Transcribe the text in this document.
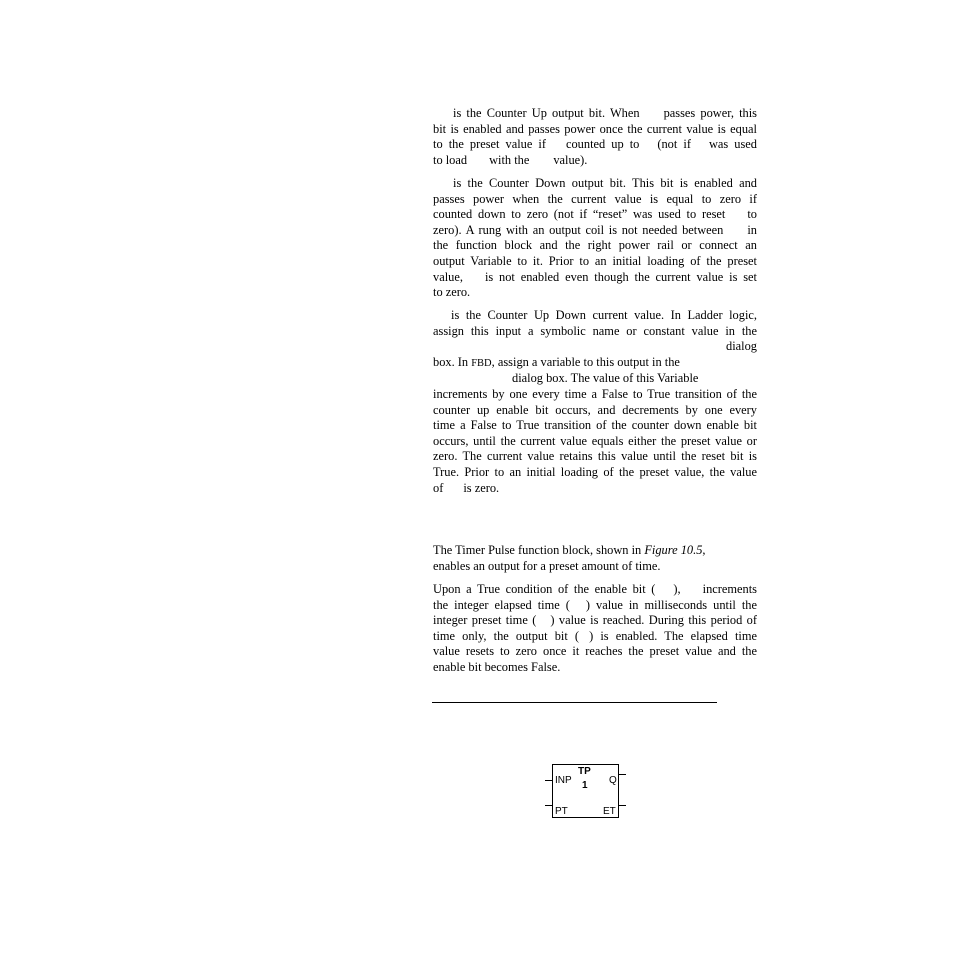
is the Counter Up output bit. When passes power, this
bit is enabled and passes power once the current value is equal
to the preset value if counted up to (not if was used
to load with the value).
is the Counter Down output bit. This bit is enabled and
passes power when the current value is equal to zero if
counted down to zero (not if “reset” was used to reset to
zero). A rung with an output coil is not needed between in
the function block and the right power rail or connect an
output Variable to it. Prior to an initial loading of the preset
value, is not enabled even though the current value is set
to zero.
is the Counter Up Down current value. In Ladder logic,
assign this input a symbolic name or constant value in the
dialog
box. In FBD, assign a variable to this output in the
dialog box. The value of this Variable
increments by one every time a False to True transition of the
counter up enable bit occurs, and decrements by one every
time a False to True transition of the counter down enable bit
occurs, until the current value equals either the preset value or
zero. The current value retains this value until the reset bit is
True. Prior to an initial loading of the preset value, the value
of is zero.
The Timer Pulse function block, shown in Figure 10.5,
enables an output for a preset amount of time.
Upon a True condition of the enable bit ( ), increments
the integer elapsed time ( ) value in milliseconds until the
integer preset time ( ) value is reached. During this period of
time only, the output bit ( ) is enabled. The elapsed time
value resets to zero once it reaches the preset value and the
enable bit becomes False.
TP
1
INP
PT
Q
ET
